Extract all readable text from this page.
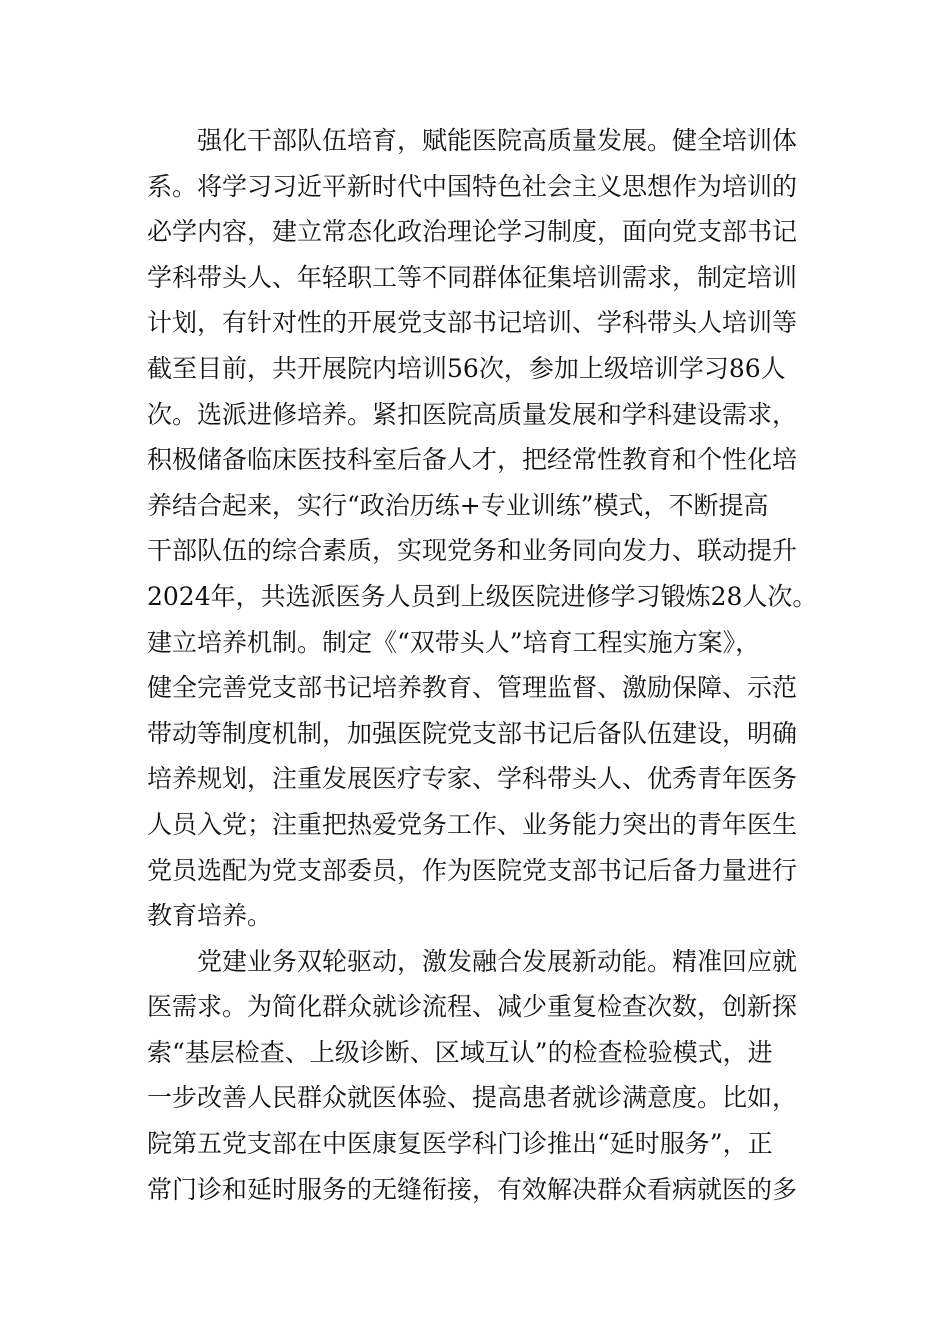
强化干部队伍培育，赋能医院高质量发展。健全培训体
系。将学习习近平新时代中国特色社会主义思想作为培训的
必学内容，建立常态化政治理论学习制度，面向党支部书记
学科带头人、年轻职工等不同群体征集培训需求，制定培训
计划，有针对性的开展党支部书记培训、学科带头人培训等
截至目前，共开展院内培训56次，参加上级培训学习86人
次。选派进修培养。紧扣医院高质量发展和学科建设需求，
积极储备临床医技科室后备人才，把经常性教育和个性化培
养结合起来，实行“政治历练+专业训练”模式，不断提高
干部队伍的综合素质，实现党务和业务同向发力、联动提升
2024年，共选派医务人员到上级医院进修学习锻炼28人次。
建立培养机制。制定《“双带头人”培育工程实施方案》，
健全完善党支部书记培养教育、管理监督、激励保障、示范
带动等制度机制，加强医院党支部书记后备队伍建设，明确
培养规划，注重发展医疗专家、学科带头人、优秀青年医务
人员入党；注重把热爱党务工作、业务能力突出的青年医生
党员选配为党支部委员，作为医院党支部书记后备力量进行
教育培养。
党建业务双轮驱动，激发融合发展新动能。精准回应就
医需求。为简化群众就诊流程、减少重复检查次数，创新探
索“基层检查、上级诊断、区域互认”的检查检验模式，进
一步改善人民群众就医体验、提高患者就诊满意度。比如，
院第五党支部在中医康复医学科门诊推出“延时服务”，正
常门诊和延时服务的无缝衔接，有效解决群众看病就医的多
